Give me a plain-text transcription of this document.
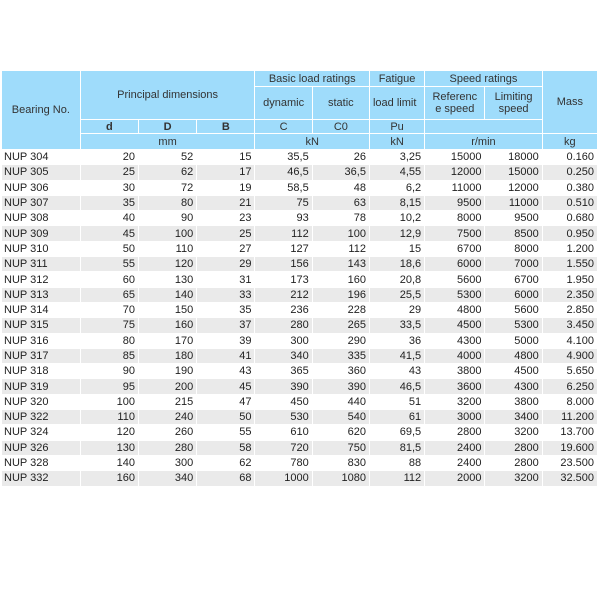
Bearing No.	Principal dimensions			Basic load ratings		Fatigue	Speed ratings		Mass
				dynamic	static	load limit	Referenc e speed	Limiting speed	
	d	D	B	C	C0	Pu			
	mm			kN		kN	r/min		kg
NUP 304	20	52	15	35,5	26	3,25	15000	18000	0.160
NUP 305	25	62	17	46,5	36,5	4,55	12000	15000	0.250
NUP 306	30	72	19	58,5	48	6,2	11000	12000	0.380
NUP 307	35	80	21	75	63	8,15	9500	11000	0.510
NUP 308	40	90	23	93	78	10,2	8000	9500	0.680
NUP 309	45	100	25	112	100	12,9	7500	8500	0.950
NUP 310	50	110	27	127	112	15	6700	8000	1.200
NUP 311	55	120	29	156	143	18,6	6000	7000	1.550
NUP 312	60	130	31	173	160	20,8	5600	6700	1.950
NUP 313	65	140	33	212	196	25,5	5300	6000	2.350
NUP 314	70	150	35	236	228	29	4800	5600	2.850
NUP 315	75	160	37	280	265	33,5	4500	5300	3.450
NUP 316	80	170	39	300	290	36	4300	5000	4.100
NUP 317	85	180	41	340	335	41,5	4000	4800	4.900
NUP 318	90	190	43	365	360	43	3800	4500	5.650
NUP 319	95	200	45	390	390	46,5	3600	4300	6.250
NUP 320	100	215	47	450	440	51	3200	3800	8.000
NUP 322	110	240	50	530	540	61	3000	3400	11.200
NUP 324	120	260	55	610	620	69,5	2800	3200	13.700
NUP 326	130	280	58	720	750	81,5	2400	2800	19.600
NUP 328	140	300	62	780	830	88	2400	2800	23.500
NUP 332	160	340	68	1000	1080	112	2000	3200	32.500
